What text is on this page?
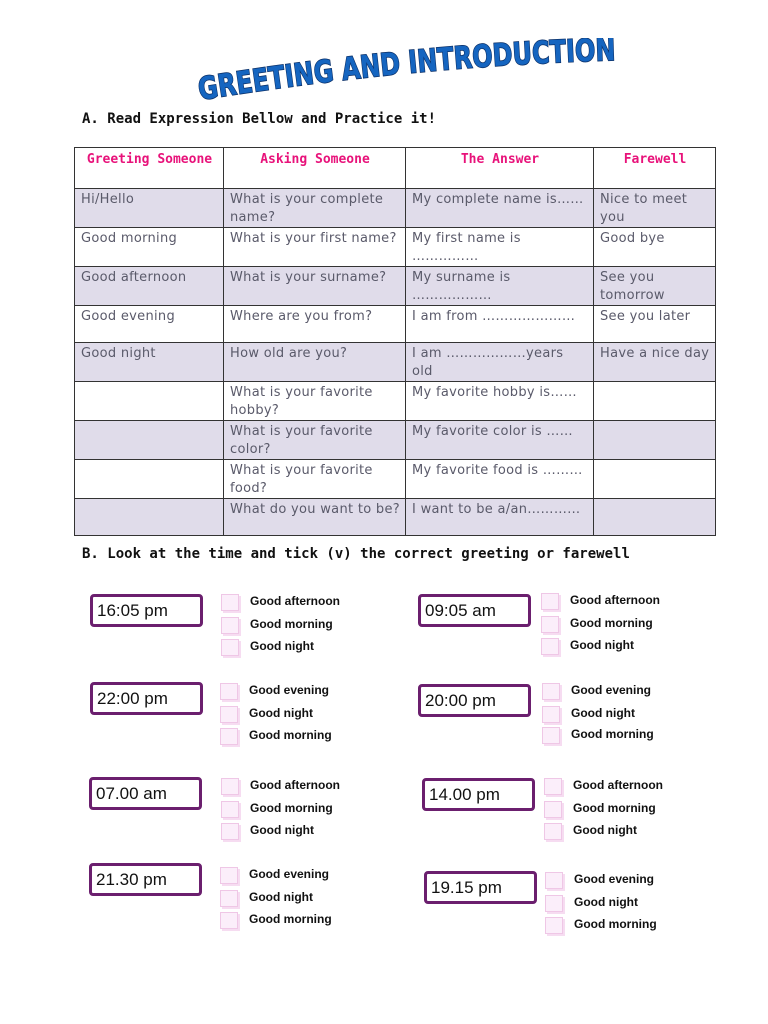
GREETING AND INTRODUCTION
A. Read Expression Bellow and Practice it!
Greeting Someone	Asking Someone	The Answer	Farewell
Hi/Hello	What is your complete name?	My complete name is……	Nice to meet you
Good morning	What is your first name?	My first name is ……………	Good bye
Good afternoon	What is your surname?	My surname is ………………	See you tomorrow
Good evening	Where are you from?	I am from …………………	See you later
Good night	How old are you?	I am ………………years old	Have a nice day
	What is your favorite hobby?	My favorite hobby is……	
	What is your favorite color?	My favorite color is ……	
	What is your favorite food?	My favorite food is ………	
	What do you want to be?	I want to be a/an…………	
B. Look at the time and tick (v) the correct greeting or farewell
16:05 pm	Good afternoon
Good morning
Good night
22:00 pm	Good evening
Good night
Good morning
07.00 am	Good afternoon
Good morning
Good night
21.30 pm	Good evening
Good night
Good morning
09:05 am
Good afternoon
Good morning
Good night
20:00 pm
Good evening
Good night
Good morning
14.00 pm	Good afternoon
Good morning
Good night
19.15 pm	Good evening
Good night
Good morning
